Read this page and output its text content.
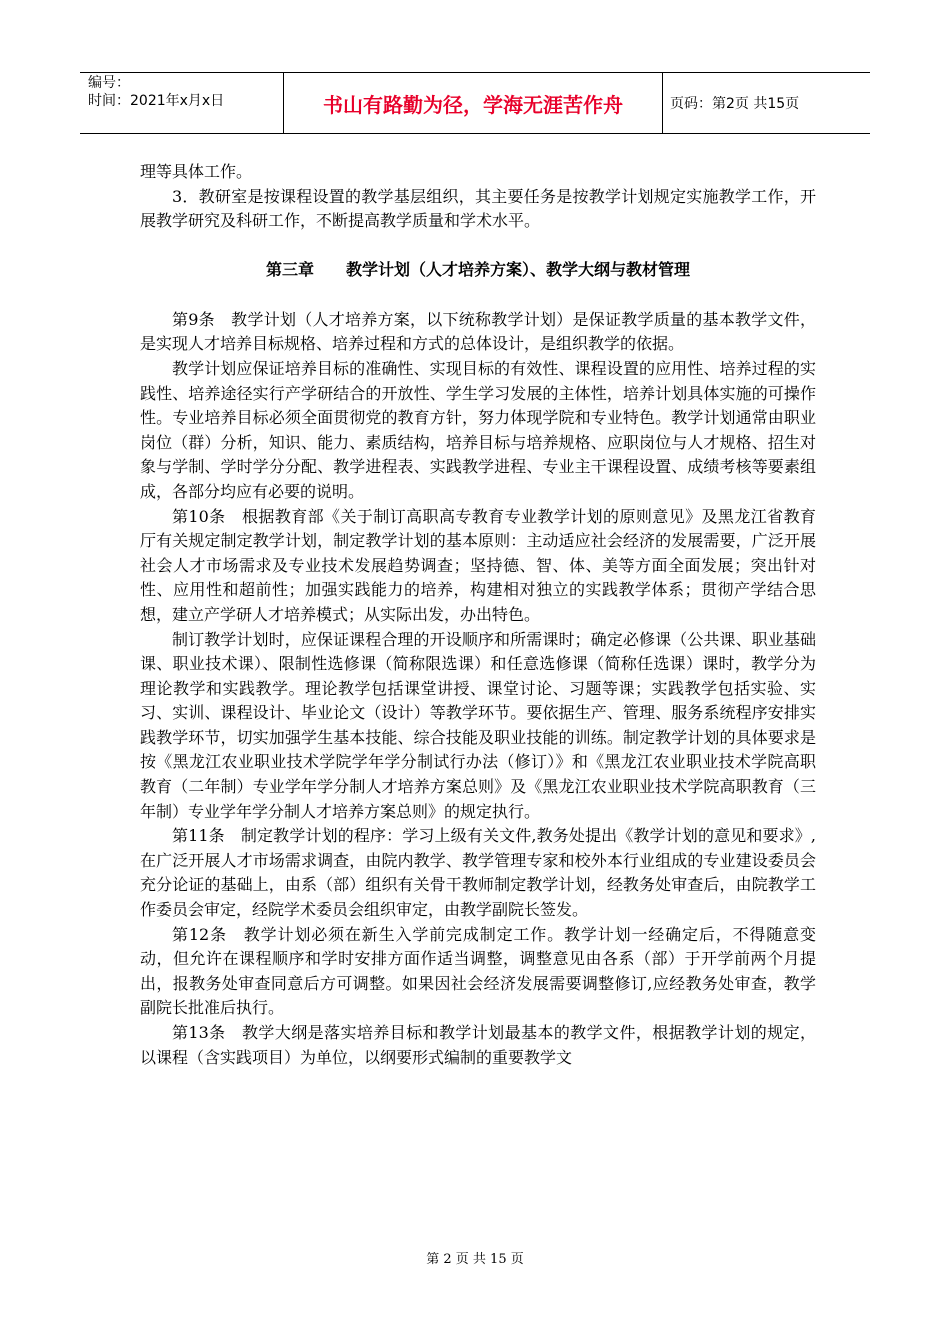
编号：
时间：2021年x月x日	书山有路勤为径，学海无涯苦作舟	页码：第2页 共15页

理等具体工作。

3．教研室是按课程设置的教学基层组织，其主要任务是按教学计划规定实施教学工作，开展教学研究及科研工作，不断提高教学质量和学术水平。

第三章　　教学计划（人才培养方案）、教学大纲与教材管理

第9条　教学计划（人才培养方案，以下统称教学计划）是保证教学质量的基本教学文件，是实现人才培养目标规格、培养过程和方式的总体设计，是组织教学的依据。

教学计划应保证培养目标的准确性、实现目标的有效性、课程设置的应用性、培养过程的实践性、培养途径实行产学研结合的开放性、学生学习发展的主体性，培养计划具体实施的可操作性。专业培养目标必须全面贯彻党的教育方针，努力体现学院和专业特色。教学计划通常由职业岗位（群）分析，知识、能力、素质结构，培养目标与培养规格、应职岗位与人才规格、招生对象与学制、学时学分分配、教学进程表、实践教学进程、专业主干课程设置、成绩考核等要素组成，各部分均应有必要的说明。

第10条　根据教育部《关于制订高职高专教育专业教学计划的原则意见》及黑龙江省教育厅有关规定制定教学计划，制定教学计划的基本原则：主动适应社会经济的发展需要，广泛开展社会人才市场需求及专业技术发展趋势调查；坚持德、智、体、美等方面全面发展；突出针对性、应用性和超前性；加强实践能力的培养，构建相对独立的实践教学体系；贯彻产学结合思想，建立产学研人才培养模式；从实际出发，办出特色。

制订教学计划时，应保证课程合理的开设顺序和所需课时；确定必修课（公共课、职业基础课、职业技术课）、限制性选修课（简称限选课）和任意选修课（简称任选课）课时，教学分为理论教学和实践教学。理论教学包括课堂讲授、课堂讨论、习题等课；实践教学包括实验、实习、实训、课程设计、毕业论文（设计）等教学环节。要依据生产、管理、服务系统程序安排实践教学环节，切实加强学生基本技能、综合技能及职业技能的训练。制定教学计划的具体要求是按《黑龙江农业职业技术学院学年学分制试行办法（修订）》和《黑龙江农业职业技术学院高职教育（二年制）专业学年学分制人才培养方案总则》及《黑龙江农业职业技术学院高职教育（三年制）专业学年学分制人才培养方案总则》的规定执行。

第11条　制定教学计划的程序：学习上级有关文件,教务处提出《教学计划的意见和要求》,在广泛开展人才市场需求调查，由院内教学、教学管理专家和校外本行业组成的专业建设委员会充分论证的基础上，由系（部）组织有关骨干教师制定教学计划，经教务处审查后，由院教学工作委员会审定，经院学术委员会组织审定，由教学副院长签发。

第12条　教学计划必须在新生入学前完成制定工作。教学计划一经确定后，不得随意变动，但允许在课程顺序和学时安排方面作适当调整，调整意见由各系（部）于开学前两个月提出，报教务处审查同意后方可调整。如果因社会经济发展需要调整修订,应经教务处审查，教学副院长批准后执行。

第13条　教学大纲是落实培养目标和教学计划最基本的教学文件，根据教学计划的规定，以课程（含实践项目）为单位，以纲要形式编制的重要教学文

第 2 页 共 15 页
